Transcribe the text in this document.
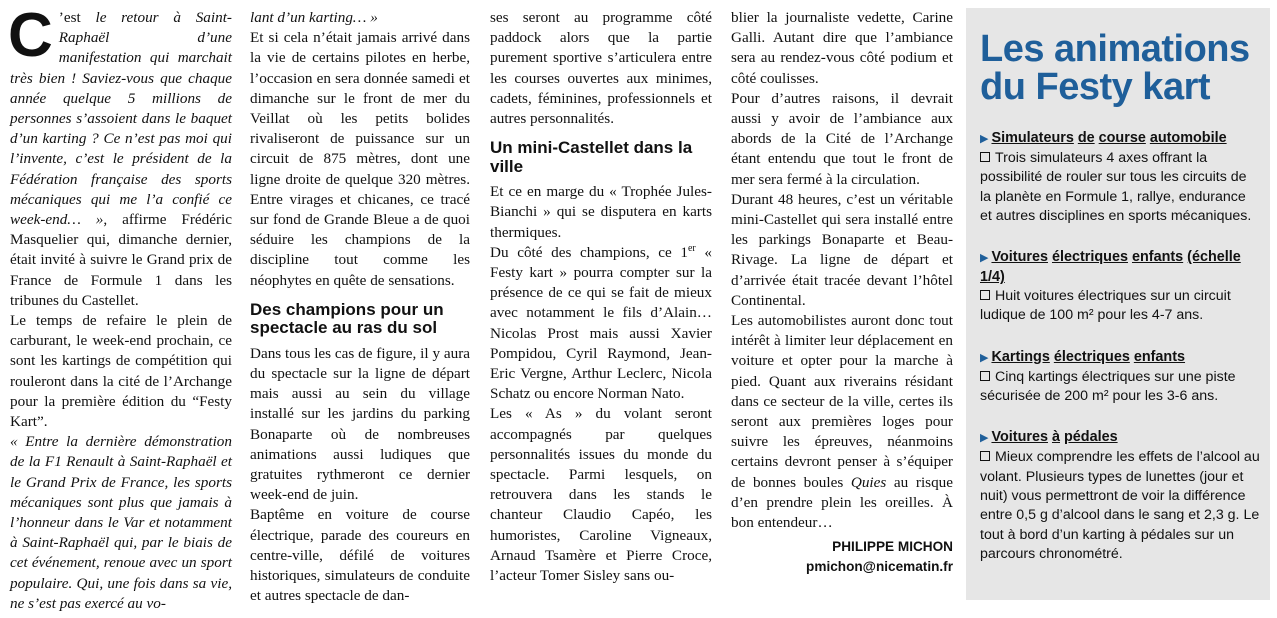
C ’est le retour à Saint-Raphaël d’une manifestation qui marchait très bien ! Saviez-vous que chaque année quelque 5 millions de personnes s’assoient dans le baquet d’un karting ? Ce n’est pas moi qui l’invente, c’est le président de la Fédération française des sports mécaniques qui me l’a confié ce week-end… », affirme Frédéric Masquelier qui, dimanche dernier, était invité à suivre le Grand prix de France de Formule 1 dans les tribunes du Castellet.

Le temps de refaire le plein de carburant, le week-end prochain, ce sont les kartings de compétition qui rouleront dans la cité de l’Archange pour la première édition du “Festy Kart”.

« Entre la dernière démonstration de la F1 Renault à Saint-Raphaël et le Grand Prix de France, les sports mécaniques sont plus que jamais à l’honneur dans le Var et notamment à Saint-Raphaël qui, par le biais de cet événement, renoue avec un sport populaire. Qui, une fois dans sa vie, ne s’est pas exercé au vo-

lant d’un karting… »

Et si cela n’était jamais arrivé dans la vie de certains pilotes en herbe, l’occasion en sera donnée samedi et dimanche sur le front de mer du Veillat où les petits bolides rivaliseront de puissance sur un circuit de 875 mètres, dont une ligne droite de quelque 320 mètres. Entre virages et chicanes, ce tracé sur fond de Grande Bleue a de quoi séduire les champions de la discipline tout comme les néophytes en quête de sensations.

Des champions pour un spectacle au ras du sol

Dans tous les cas de figure, il y aura du spectacle sur la ligne de départ mais aussi au sein du village installé sur les jardins du parking Bonaparte où de nombreuses animations aussi ludiques que gratuites rythmeront ce dernier week-end de juin.

Baptême en voiture de course électrique, parade des coureurs en centre-ville, défilé de voitures historiques, simulateurs de conduite et autres spectacle de dan-

ses seront au programme côté paddock alors que la partie purement sportive s’articulera entre les courses ouvertes aux minimes, cadets, féminines, professionnels et autres personnalités.

Un mini-Castellet dans la ville

Et ce en marge du « Trophée Jules-Bianchi » qui se disputera en karts thermiques.

Du côté des champions, ce 1er « Festy kart » pourra compter sur la présence de ce qui se fait de mieux avec notamment le fils d’Alain… Nicolas Prost mais aussi Xavier Pompidou, Cyril Raymond, Jean-Eric Vergne, Arthur Leclerc, Nicola Schatz ou encore Norman Nato.

Les « As » du volant seront accompagnés par quelques personnalités issues du monde du spectacle. Parmi lesquels, on retrouvera dans les stands le chanteur Claudio Capéo, les humoristes, Caroline Vigneaux, Arnaud Tsamère et Pierre Croce, l’acteur Tomer Sisley sans ou-

blier la journaliste vedette, Carine Galli. Autant dire que l’ambiance sera au rendez-vous côté podium et côté coulisses.

Pour d’autres raisons, il devrait aussi y avoir de l’ambiance aux abords de la Cité de l’Archange étant entendu que tout le front de mer sera fermé à la circulation.

Durant 48 heures, c’est un véritable mini-Castellet qui sera installé entre les parkings Bonaparte et Beau-Rivage. La ligne de départ et d’arrivée était tracée devant l’hôtel Continental.

Les automobilistes auront donc tout intérêt à limiter leur déplacement en voiture et opter pour la marche à pied. Quant aux riverains résidant dans ce secteur de la ville, certes ils seront aux premières loges pour suivre les épreuves, néanmoins certains devront penser à s’équiper de bonnes boules Quies au risque d’en prendre plein les oreilles. À bon entendeur…

PHILIPPE MICHON

pmichon@nicematin.fr

Les animations du Festy kart
▶ Simulateurs de course automobile
Trois simulateurs 4 axes offrant la possibilité de rouler sur tous les circuits de la planète en Formule 1, rallye, endurance et autres disciplines en sports mécaniques.
▶ Voitures électriques enfants (échelle 1/4)
Huit voitures électriques sur un circuit ludique de 100 m² pour les 4-7 ans.
▶ Kartings électriques enfants
Cinq kartings électriques sur une piste sécurisée de 200 m² pour les 3-6 ans.
▶ Voitures à pédales
Mieux comprendre les effets de l’alcool au volant. Plusieurs types de lunettes (jour et nuit) vous permettront de voir la différence entre 0,5 g d’alcool dans le sang et 2,3 g. Le tout à bord d’un karting à pédales sur un parcours chronométré.
